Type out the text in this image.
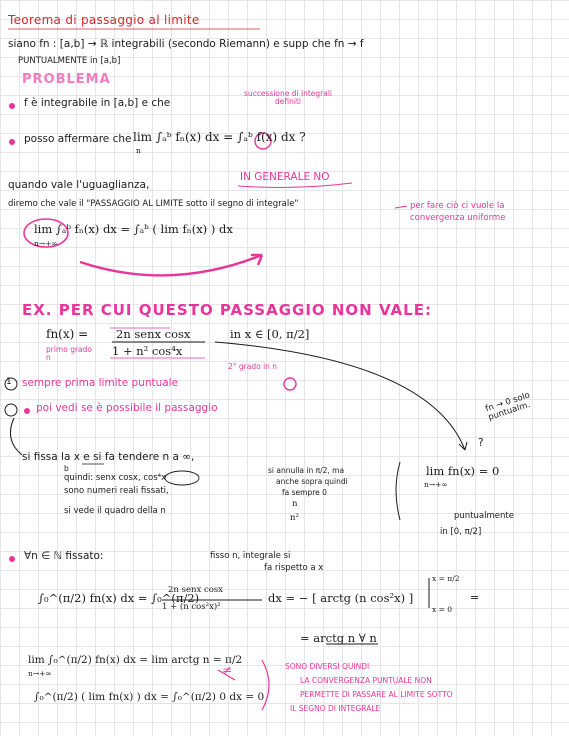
Teorema di passaggio al limite
siano fn : [a,b] → ℝ integrabili (secondo Riemann) e supp che fn → f
PUNTUALMENTE in [a,b]
PROBLEMA
f è integrabile in [a,b] e che
successione di integrali definiti
posso affermare che lim ∫ₐᵇ fₙ(x) dx = ∫ₐᵇ f(x) dx ?
n
IN GENERALE NO
quando vale l'uguaglianza,
diremo che vale il "PASSAGGIO AL LIMITE sotto il segno di integrale"	per fare ciò ci vuole la convergenza uniforme
lim ∫ₐᵇ fₙ(x) dx = ∫ₐᵇ ( lim fₙ(x) ) dx
n→+∞
EX. PER CUI QUESTO PASSAGGIO NON VALE:
fn(x) = 2n senx cosx
1 + n² cos⁴x
in x ∈ [0, π/2]
primo grado n
2° grado in n
1 sempre prima limite puntuale
poi vedi se è possibile il passaggio	fn → 0 solo puntualm.
?
si fissa la x e si fa tendere n a ∞,
b
quindi: senx cosx, cos⁴x
sono numeri reali fissati,
si vede il quadro della n
n
n²
si annulla in π/2, ma
anche sopra quindi
fa sempre 0
lim fn(x) = 0
n→+∞
puntualmente
in [0, π/2]
∀n ∈ ℕ fissato:	fisso n, integrale si
fa rispetto a x
∫₀^(π/2) fn(x) dx = ∫₀^(π/2)
2n senx cosx
1 + (n cos²x)²
dx = − [ arctg (n cos²x) ]
x = π/2
x = 0
=
= arctg n ∀ n
lim ∫₀^(π/2) fn(x) dx = lim arctg n = π/2
n→+∞	≠
∫₀^(π/2) ( lim fn(x) ) dx = ∫₀^(π/2) 0 dx = 0
SONO DIVERSI QUINDI
LA CONVERGENZA PUNTUALE NON
PERMETTE DI PASSARE AL LIMITE SOTTO
IL SEGNO DI INTEGRALE
